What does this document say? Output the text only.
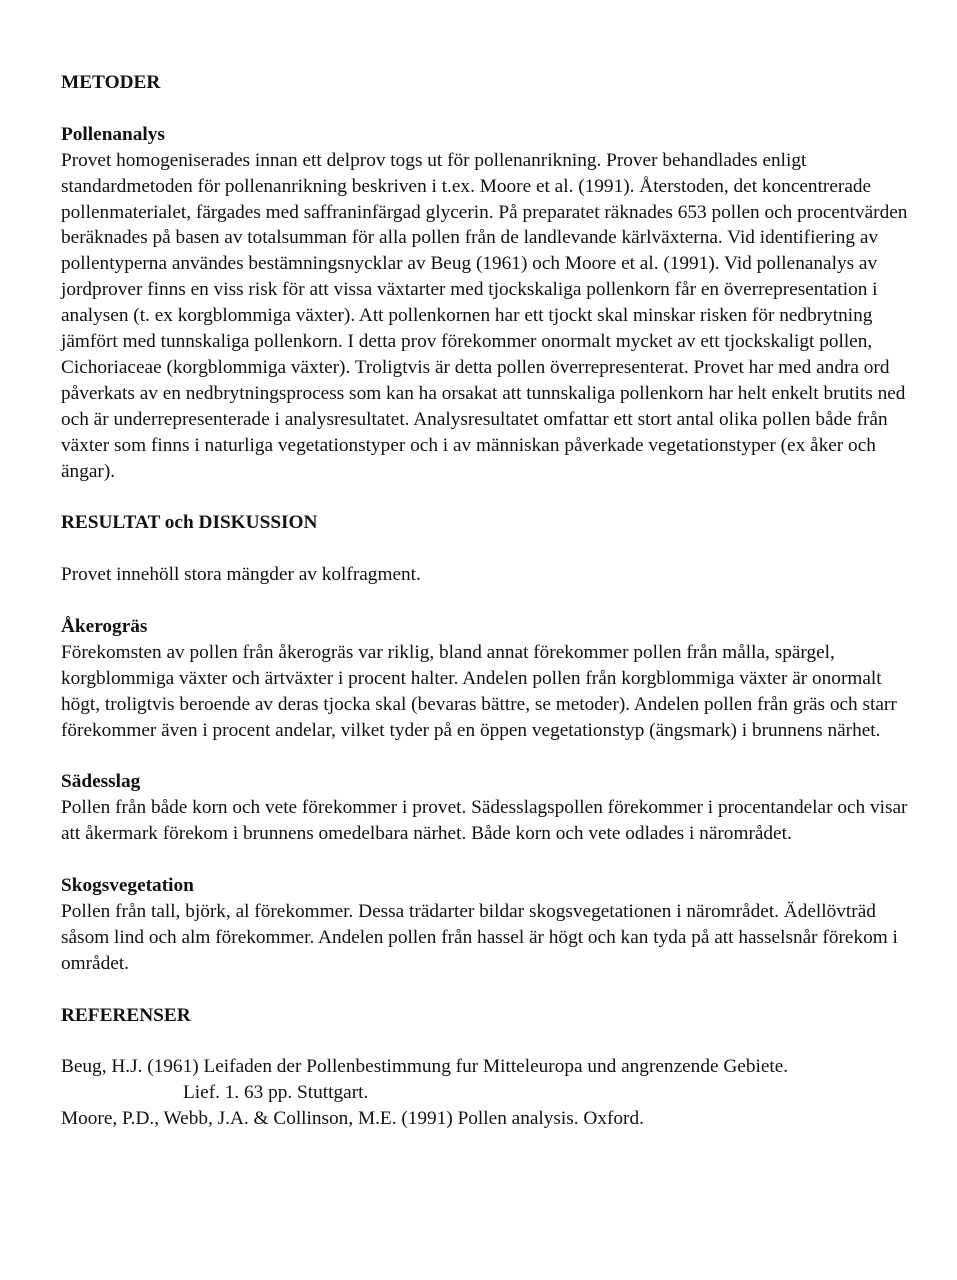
METODER
Pollenanalys

Provet homogeniserades innan ett delprov togs ut för pollenanrikning. Prover behandlades enligt standardmetoden för pollenanrikning beskriven i t.ex. Moore et al. (1991). Återstoden, det koncentrerade pollenmaterialet, färgades med saffraninfärgad glycerin. På preparatet räknades 653 pollen och procentvärden beräknades på basen av totalsumman för alla pollen från de landlevande kärlväxterna. Vid identifiering av pollentyperna användes bestämningsnycklar av Beug (1961) och Moore et al. (1991). Vid pollenanalys av jordprover finns en viss risk för att vissa växtarter med tjockskaliga pollenkorn får en överrepresentation i analysen (t. ex korgblommiga växter). Att pollenkornen har ett tjockt skal minskar risken för nedbrytning jämfört med tunnskaliga pollenkorn. I detta prov förekommer onormalt mycket av ett tjockskaligt pollen, Cichoriaceae (korgblommiga växter). Troligtvis är detta pollen överrepresenterat. Provet har med andra ord påverkats av en nedbrytningsprocess som kan ha orsakat att tunnskaliga pollenkorn har helt enkelt brutits ned och är underrepresenterade i analysresultatet. Analysresultatet omfattar ett stort antal olika pollen både från växter som finns i naturliga vegetationstyper och i av människan påverkade vegetationstyper (ex åker och ängar).

RESULTAT och DISKUSSION

Provet innehöll stora mängder av kolfragment.

Åkerogräs

Förekomsten av pollen från åkerogräs var riklig, bland annat förekommer pollen från målla, spärgel, korgblommiga växter och ärtväxter i procent halter. Andelen pollen från korgblommiga växter är onormalt högt, troligtvis beroende av deras tjocka skal (bevaras bättre, se metoder). Andelen pollen från gräs och starr förekommer även i procent andelar, vilket tyder på en öppen vegetationstyp (ängsmark) i brunnens närhet.

Sädesslag

Pollen från både korn och vete förekommer i provet. Sädesslagspollen förekommer i procentandelar och visar att åkermark förekom i brunnens omedelbara närhet. Både korn och vete odlades i närområdet.

Skogsvegetation

Pollen från tall, björk, al förekommer. Dessa trädarter bildar skogsvegetationen i närområdet. Ädellövträd såsom lind och alm förekommer. Andelen pollen från hassel är högt och kan tyda på att hasselsnår förekom i området.

REFERENSER

Beug, H.J. (1961) Leifaden der Pollenbestimmung fur Mitteleuropa und angrenzende Gebiete.

Lief. 1. 63 pp. Stuttgart.

Moore, P.D., Webb, J.A. & Collinson, M.E. (1991) Pollen analysis. Oxford.
